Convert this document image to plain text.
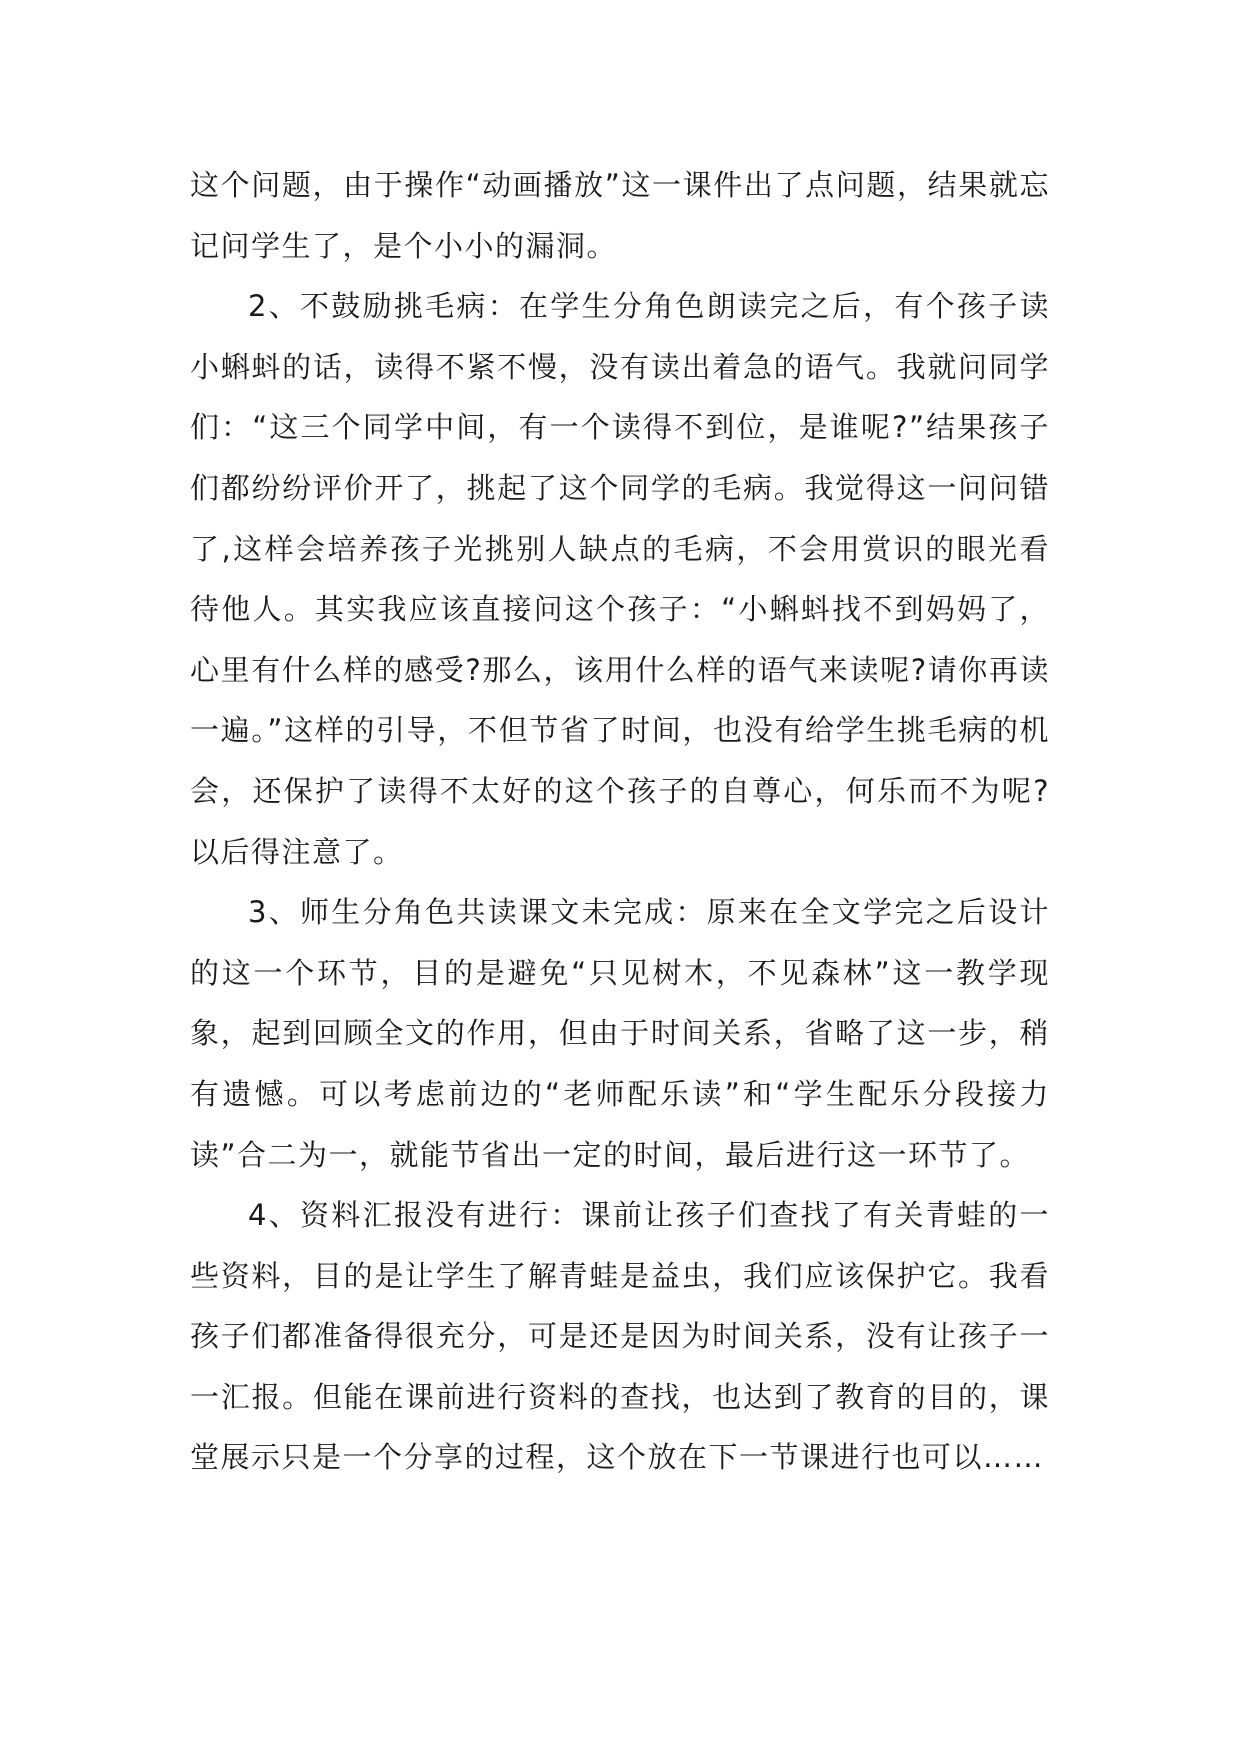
这个问题，由于操作“动画播放”这一课件出了点问题，结果就忘记问学生了，是个小小的漏洞。

2、不鼓励挑毛病：在学生分角色朗读完之后，有个孩子读小蝌蚪的话，读得不紧不慢，没有读出着急的语气。我就问同学们：“这三个同学中间，有一个读得不到位，是谁呢?”结果孩子们都纷纷评价开了，挑起了这个同学的毛病。我觉得这一问问错了,这样会培养孩子光挑别人缺点的毛病，不会用赏识的眼光看待他人。其实我应该直接问这个孩子：“小蝌蚪找不到妈妈了，心里有什么样的感受?那么，该用什么样的语气来读呢?请你再读一遍。”这样的引导，不但节省了时间，也没有给学生挑毛病的机会，还保护了读得不太好的这个孩子的自尊心，何乐而不为呢?以后得注意了。

3、师生分角色共读课文未完成：原来在全文学完之后设计的这一个环节，目的是避免“只见树木，不见森林”这一教学现象，起到回顾全文的作用，但由于时间关系，省略了这一步，稍有遗憾。可以考虑前边的“老师配乐读”和“学生配乐分段接力读”合二为一，就能节省出一定的时间，最后进行这一环节了。

4、资料汇报没有进行：课前让孩子们查找了有关青蛙的一些资料，目的是让学生了解青蛙是益虫，我们应该保护它。我看孩子们都准备得很充分，可是还是因为时间关系，没有让孩子一一汇报。但能在课前进行资料的查找，也达到了教育的目的，课堂展示只是一个分享的过程，这个放在下一节课进行也可以……
